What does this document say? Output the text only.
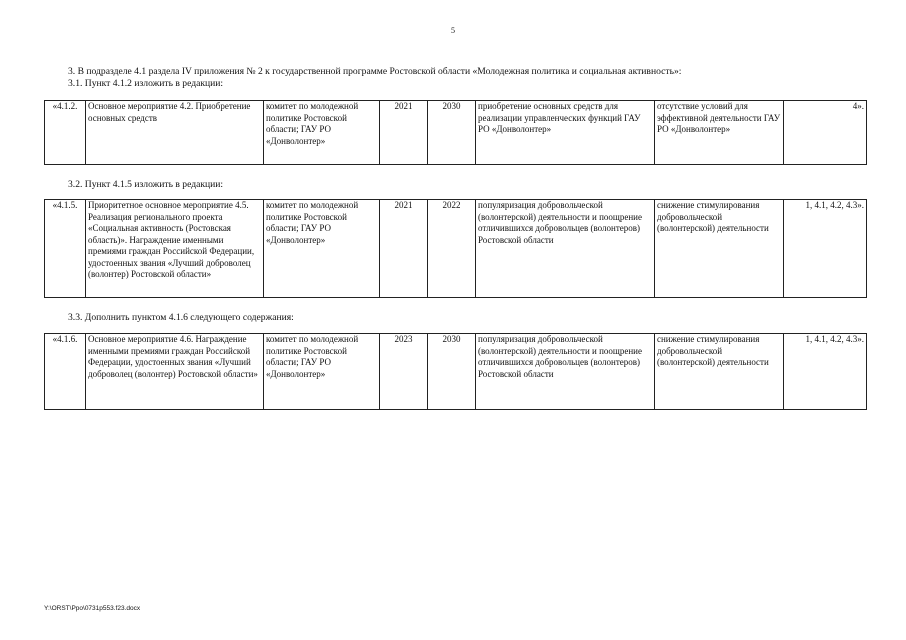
5
3. В подразделе 4.1 раздела IV приложения № 2 к государственной программе Ростовской области «Молодежная политика и социальная активность»:
3.1. Пункт 4.1.2 изложить в редакции:
«4.1.2.	Основное мероприятие 4.2. Приобретение основных средств	комитет по молодежной политике Ростовской области; ГАУ РО «Донволонтер»	2021	2030	приобретение основных средств для реализации управленческих функций ГАУ РО «Донволонтер»	отсутствие условий для эффективной деятельности ГАУ РО «Донволонтер»	4».
3.2. Пункт 4.1.5 изложить в редакции:
«4.1.5.	Приоритетное основное мероприятие 4.5. Реализация регионального проекта «Социальная активность (Ростовская область)». Награждение именными премиями граждан Российской Федерации, удостоенных звания «Лучший доброволец (волонтер) Ростовской области»	комитет по молодежной политике Ростовской области; ГАУ РО «Донволонтер»	2021	2022	популяризация добровольческой (волонтерской) деятельности и поощрение отличившихся добровольцев (волонтеров) Ростовской области	снижение стимулирования добровольческой (волонтерской) деятельности	1, 4.1, 4.2, 4.3».
3.3. Дополнить пунктом 4.1.6 следующего содержания:
«4.1.6.	Основное мероприятие 4.6. Награждение именными премиями граждан Российской Федерации, удостоенных звания «Лучший доброволец (волонтер) Ростовской области»	комитет по молодежной политике Ростовской области; ГАУ РО «Донволонтер»	2023	2030	популяризация добровольческой (волонтерской) деятельности и поощрение отличившихся добровольцев (волонтеров) Ростовской области	снижение стимулирования добровольческой (волонтерской) деятельности	1, 4.1, 4.2, 4.3».
Y:\ORST\Ppo\0731p553.f23.docx
